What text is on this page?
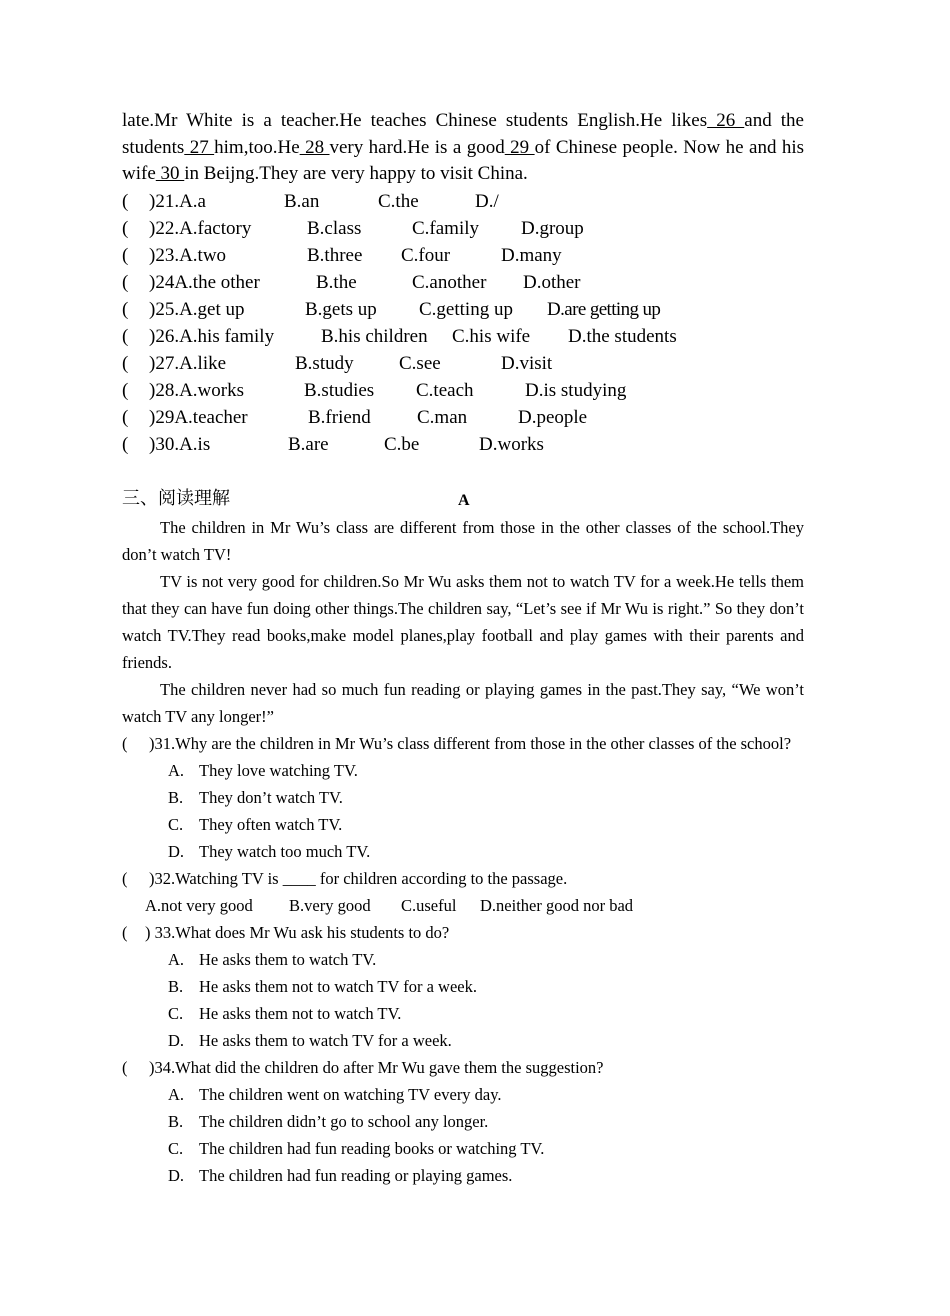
late.Mr White is a teacher.He teaches Chinese students English.He likes 26 and the students 27 him,too.He 28 very hard.He is a good 29 of Chinese people. Now he and his wife 30 in Beijng.They are very happy to visit China.

( )21.A.a	B.an	C.the	D./
( )22.A.factory	B.class	C.family D.group
( )23.A.two	B.three C.four	D.many
( )24A.the other	B.the	C.another D.other
( )25.A.get up	B.gets up C.getting up D.are getting up
( )26.A.his family B.his children C.his wife D.the students
( )27.A.like	B.study C.see	D.visit
( )28.A.works	B.studies C.teach	D.is studying
( )29A.teacher	B.friend C.man	D.people
( )30.A.is	B.are	C.be	D.works
三、阅读理解	A

The children in Mr Wu’s class are different from those in the other classes of the school.They don’t watch TV!

TV is not very good for children.So Mr Wu asks them not to watch TV for a week.He tells them that they can have fun doing other things.The children say, “Let’s see if Mr Wu is right.” So they don’t watch TV.They read books,make model planes,play football and play games with their parents and friends.

The children never had so much fun reading or playing games in the past.They say, “We won’t watch TV any longer!”

(	)31.Why are the children in Mr Wu’s class different from those in the other classes of the school?
A. They love watching TV.
B. They don’t watch TV.
C. They often watch TV.
D. They watch too much TV.
(	)32.Watching TV is ____ for children according to the passage.
A.not very good B.very good C.useful D.neither good nor bad
(	) 33.What does Mr Wu ask his students to do?
A. He asks them to watch TV.
B. He asks them not to watch TV for a week.
C. He asks them not to watch TV.
D. He asks them to watch TV for a week.
(	)34.What did the children do after Mr Wu gave them the suggestion?
A. The children went on watching TV every day.
B. The children didn’t go to school any longer.
C. The children had fun reading books or watching TV.
D. The children had fun reading or playing games.
